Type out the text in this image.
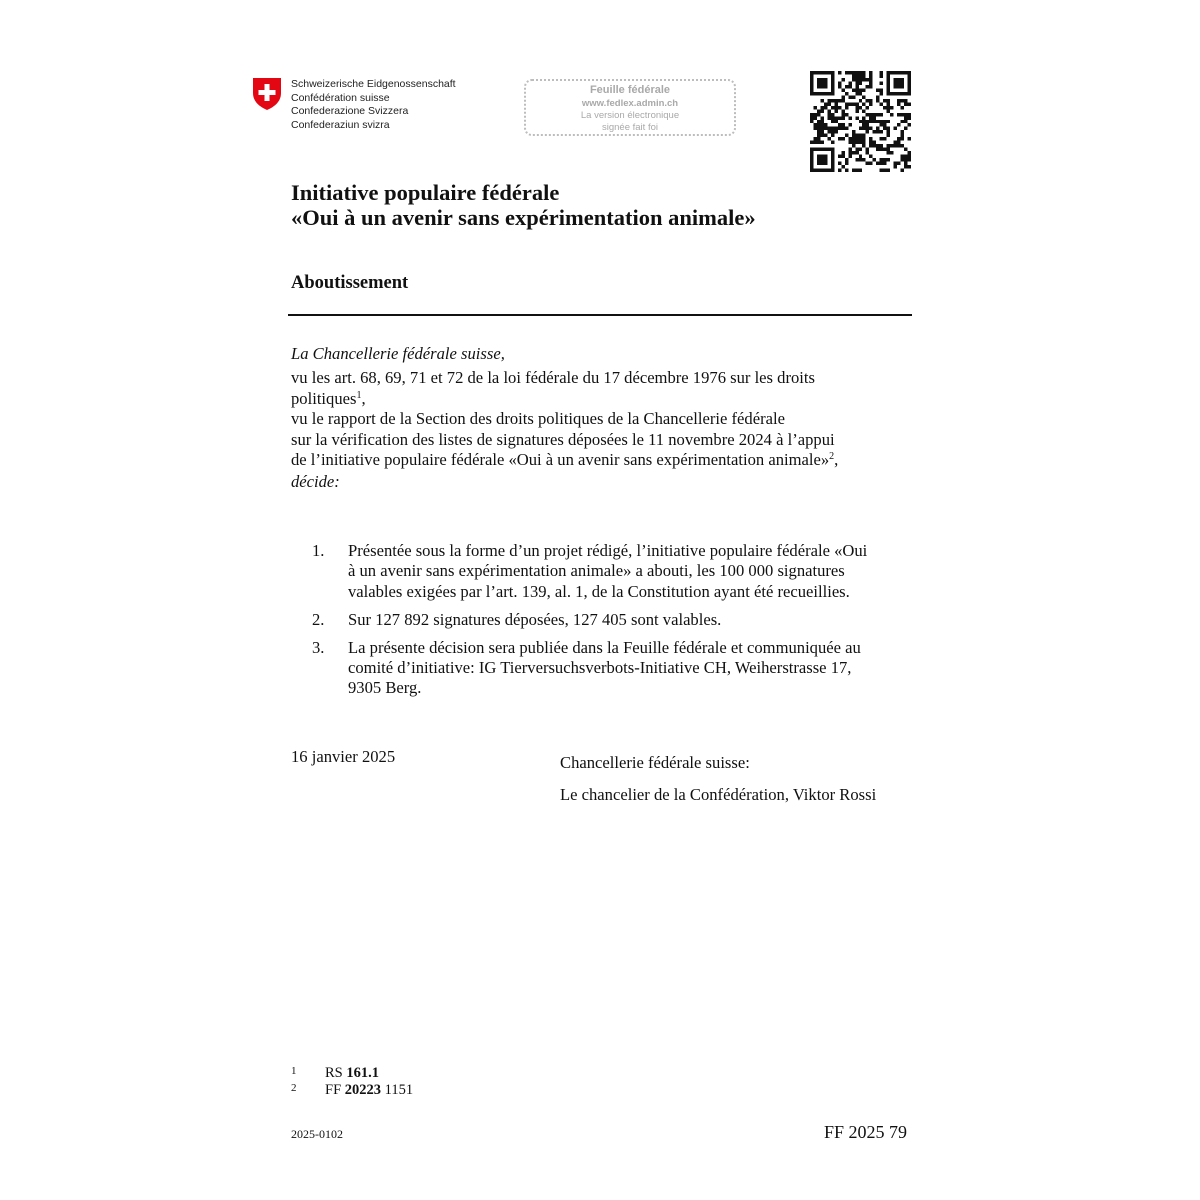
Schweizerische Eidgenossenschaft
Confédération suisse
Confederazione Svizzera
Confederaziun svizra
Feuille fédérale
www.fedlex.admin.ch
La version électronique
signée fait foi
Initiative populaire fédérale
«Oui à un avenir sans expérimentation animale»
Aboutissement
La Chancellerie fédérale suisse,
vu les art. 68, 69, 71 et 72 de la loi fédérale du 17 décembre 1976 sur les droits
politiques$^1$,
vu le rapport de la Section des droits politiques de la Chancellerie fédérale
sur la vérification des listes de signatures déposées le 11 novembre 2024 à l’appui
de l’initiative populaire fédérale «Oui à un avenir sans expérimentation animale»$^2$,
décide:
1. Présentée sous la forme d’un projet rédigé, l’initiative populaire fédérale «Oui
à un avenir sans expérimentation animale» a abouti, les 100 000 signatures
valables exigées par l’art. 139, al. 1, de la Constitution ayant été recueillies.
2. Sur 127 892 signatures déposées, 127 405 sont valables.
3. La présente décision sera publiée dans la Feuille fédérale et communiquée au
comité d’initiative: IG Tierversuchsverbots-Initiative CH, Weiherstrasse 17,
9305 Berg.
16 janvier 2025	Chancellerie fédérale suisse:
Le chancelier de la Confédération, Viktor Rossi
1 RS 161.1
2 FF 20223 1151
2025-0102	FF 2025 79
